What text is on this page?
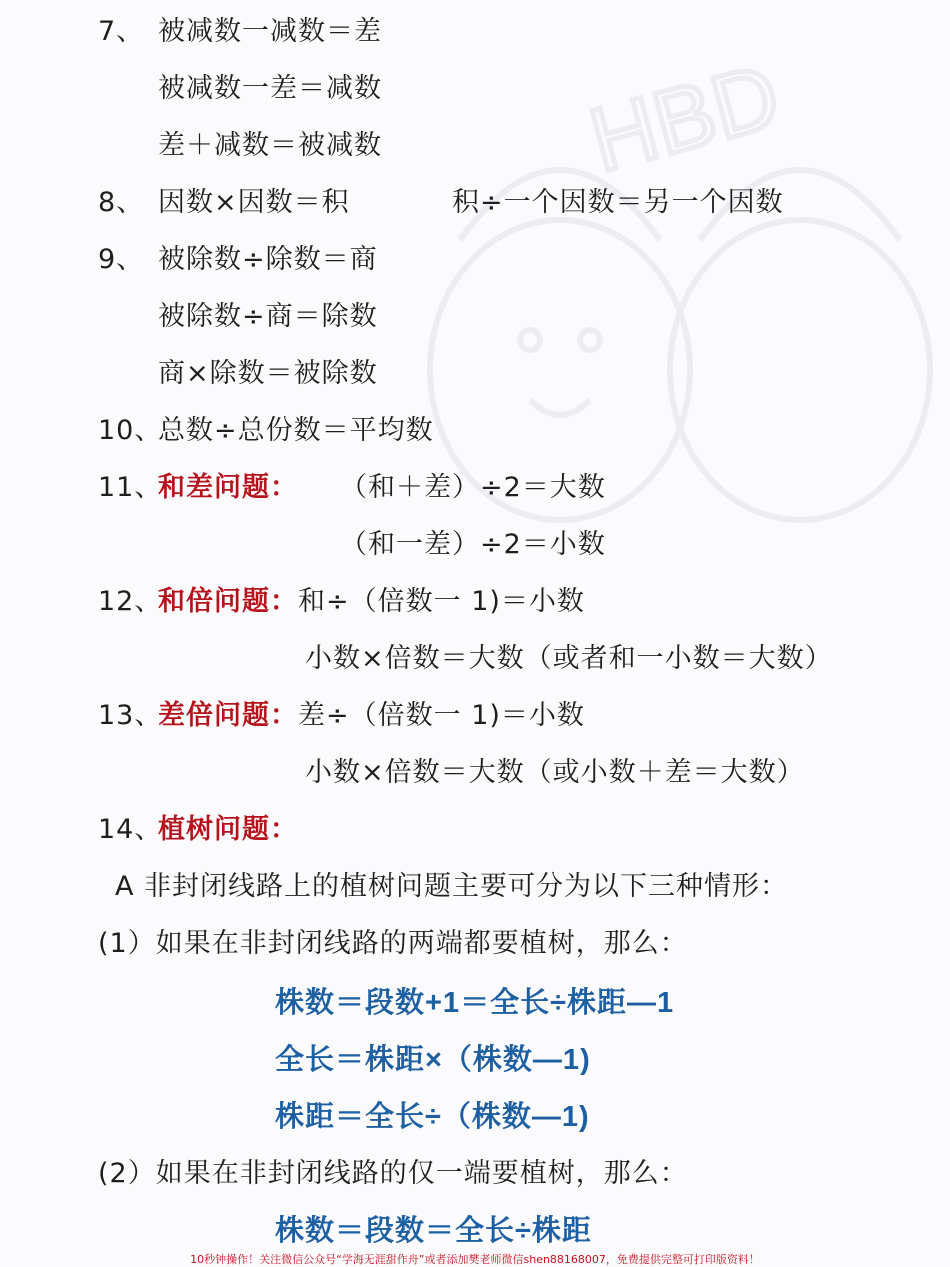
HBD
7、 被减数一减数＝差
被减数一差＝减数
差＋减数＝被减数
8、 因数×因数＝积	积÷一个因数＝另一个因数
9、 被除数÷除数＝商
被除数÷商＝除数
商×除数＝被除数
10、总数÷总份数＝平均数
11、和差问题： （和＋差）÷2＝大数
（和一差）÷2＝小数
12、和倍问题：和÷（倍数一 1)＝小数
小数×倍数＝大数（或者和一小数＝大数）
13、差倍问题：差÷（倍数一 1)＝小数
小数×倍数＝大数（或小数＋差＝大数）
14、植树问题：
A 非封闭线路上的植树问题主要可分为以下三种情形：
(1）如果在非封闭线路的两端都要植树，那么：
株数＝段数+1＝全长÷株距—1
全长＝株距×（株数—1)
株距＝全长÷（株数—1)
(2）如果在非封闭线路的仅一端要植树，那么：
株数＝段数＝全长÷株距
10秒钟操作！关注微信公众号“学海无涯甜作舟”或者添加樊老师微信shen88168007，免费提供完整可打印版资料！
